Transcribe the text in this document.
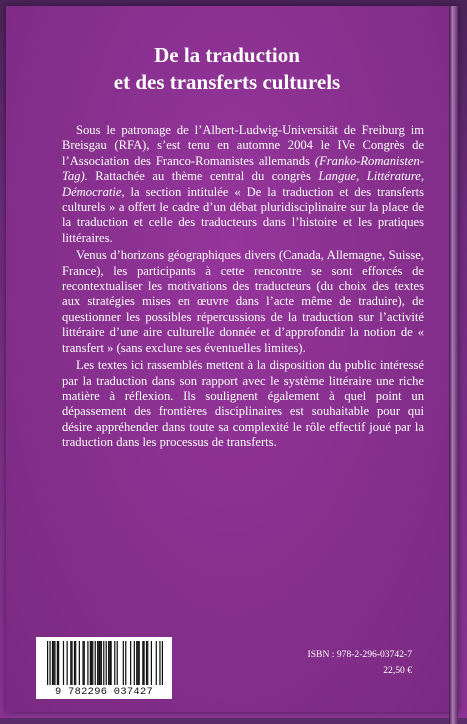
De la traduction
et des transferts culturels

Sous le patronage de l’Albert-Ludwig-Universität de Freiburg im Breisgau (RFA), s’est tenu en automne 2004 le IVe Congrès de l’Association des Franco-Romanistes allemands (Franko-Romanisten-Tag). Rattachée au thème central du congrès Langue, Littérature, Démocratie, la section intitulée « De la traduction et des transferts culturels » a offert le cadre d’un débat pluridisciplinaire sur la place de la traduction et celle des traducteurs dans l’histoire et les pratiques littéraires.

Venus d’horizons géographiques divers (Canada, Allemagne, Suisse, France), les participants à cette rencontre se sont efforcés de recontextualiser les motivations des traducteurs (du choix des textes aux stratégies mises en œuvre dans l’acte même de traduire), de questionner les possibles répercussions de la traduction sur l’activité littéraire d’une aire culturelle donnée et d’approfondir la notion de « transfert » (sans exclure ses éventuelles limites).

Les textes ici rassemblés mettent à la disposition du public intéressé par la traduction dans son rapport avec le système littéraire une riche matière à réflexion. Ils soulignent également à quel point un dépassement des frontières disciplinaires est souhaitable pour qui désire appréhender dans toute sa complexité le rôle effectif joué par la traduction dans les processus de transferts.

9 782296 037427
ISBN : 978-2-296-03742-7
22,50 €
